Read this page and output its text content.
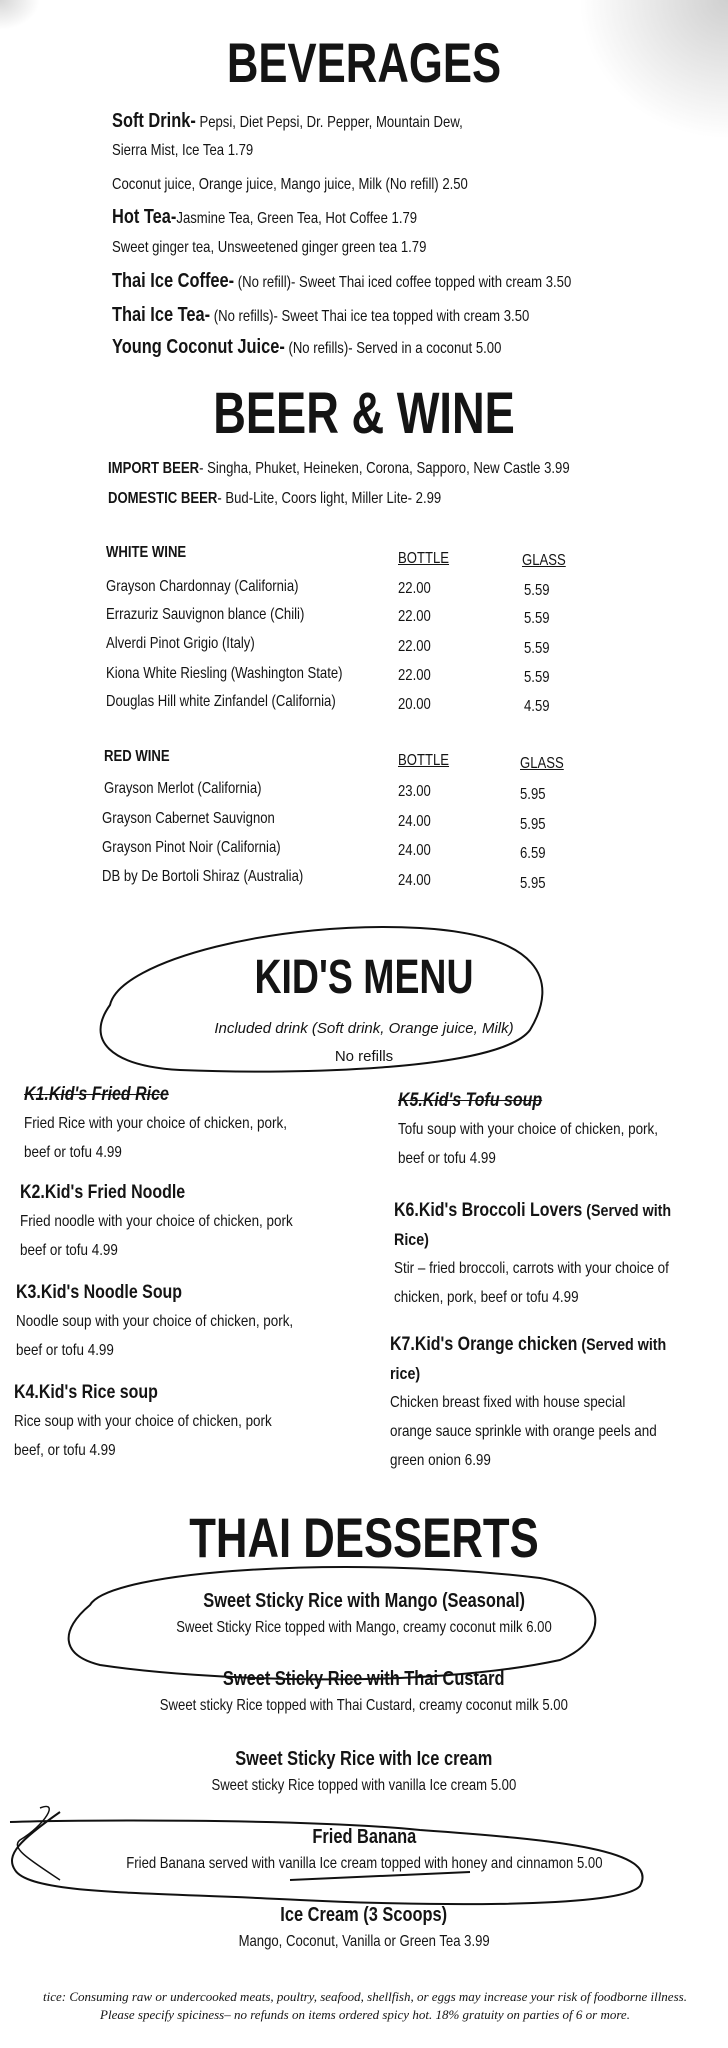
BEVERAGES
Soft Drink- Pepsi, Diet Pepsi, Dr. Pepper, Mountain Dew,
Sierra Mist, Ice Tea 1.79
Coconut juice, Orange juice, Mango juice, Milk (No refill) 2.50
Hot Tea-Jasmine Tea, Green Tea, Hot Coffee 1.79
Sweet ginger tea, Unsweetened ginger green tea 1.79
Thai Ice Coffee- (No refill)- Sweet Thai iced coffee topped with cream 3.50
Thai Ice Tea- (No refills)- Sweet Thai ice tea topped with cream 3.50
Young Coconut Juice- (No refills)- Served in a coconut 5.00
BEER & WINE
IMPORT BEER- Singha, Phuket, Heineken, Corona, Sapporo, New Castle 3.99
DOMESTIC BEER- Bud-Lite, Coors light, Miller Lite- 2.99
WHITE WINE	BOTTLE	GLASS
Grayson Chardonnay (California)	22.00	5.59
Errazuriz Sauvignon blance (Chili)	22.00	5.59
Alverdi Pinot Grigio (Italy)	22.00	5.59
Kiona White Riesling (Washington State)	22.00	5.59
Douglas Hill white Zinfandel (California)	20.00	4.59
RED WINE	BOTTLE	GLASS
Grayson Merlot (California)	23.00	5.95
Grayson Cabernet Sauvignon	24.00	5.95
Grayson Pinot Noir (California)	24.00	6.59
DB by De Bortoli Shiraz (Australia)	24.00	5.95
KID'S MENU
Included drink (Soft drink, Orange juice, Milk)
No refills
K1.Kid's Fried Rice
Fried Rice with your choice of chicken, pork, beef or tofu 4.99
K2.Kid's Fried Noodle
Fried noodle with your choice of chicken, pork beef or tofu 4.99
K3.Kid's Noodle Soup
Noodle soup with your choice of chicken, pork, beef or tofu 4.99
K4.Kid's Rice soup
Rice soup with your choice of chicken, pork beef, or tofu 4.99
K5.Kid's Tofu soup
Tofu soup with your choice of chicken, pork, beef or tofu 4.99
K6.Kid's Broccoli Lovers (Served with Rice)
Stir – fried broccoli, carrots with your choice of chicken, pork, beef or tofu 4.99
K7.Kid's Orange chicken (Served with rice)
Chicken breast fixed with house special orange sauce sprinkle with orange peels and green onion 6.99
THAI DESSERTS
Sweet Sticky Rice with Mango (Seasonal)
Sweet Sticky Rice topped with Mango, creamy coconut milk 6.00
Sweet Sticky Rice with Thai Custard
Sweet sticky Rice topped with Thai Custard, creamy coconut milk 5.00
Sweet Sticky Rice with Ice cream
Sweet sticky Rice topped with vanilla Ice cream 5.00
Fried Banana
Fried Banana served with vanilla Ice cream topped with honey and cinnamon 5.00
Ice Cream (3 Scoops)
Mango, Coconut, Vanilla or Green Tea 3.99
tice: Consuming raw or undercooked meats, poultry, seafood, shellfish, or eggs may increase your risk of foodborne illness.
Please specify spiciness– no refunds on items ordered spicy hot. 18% gratuity on parties of 6 or more.
